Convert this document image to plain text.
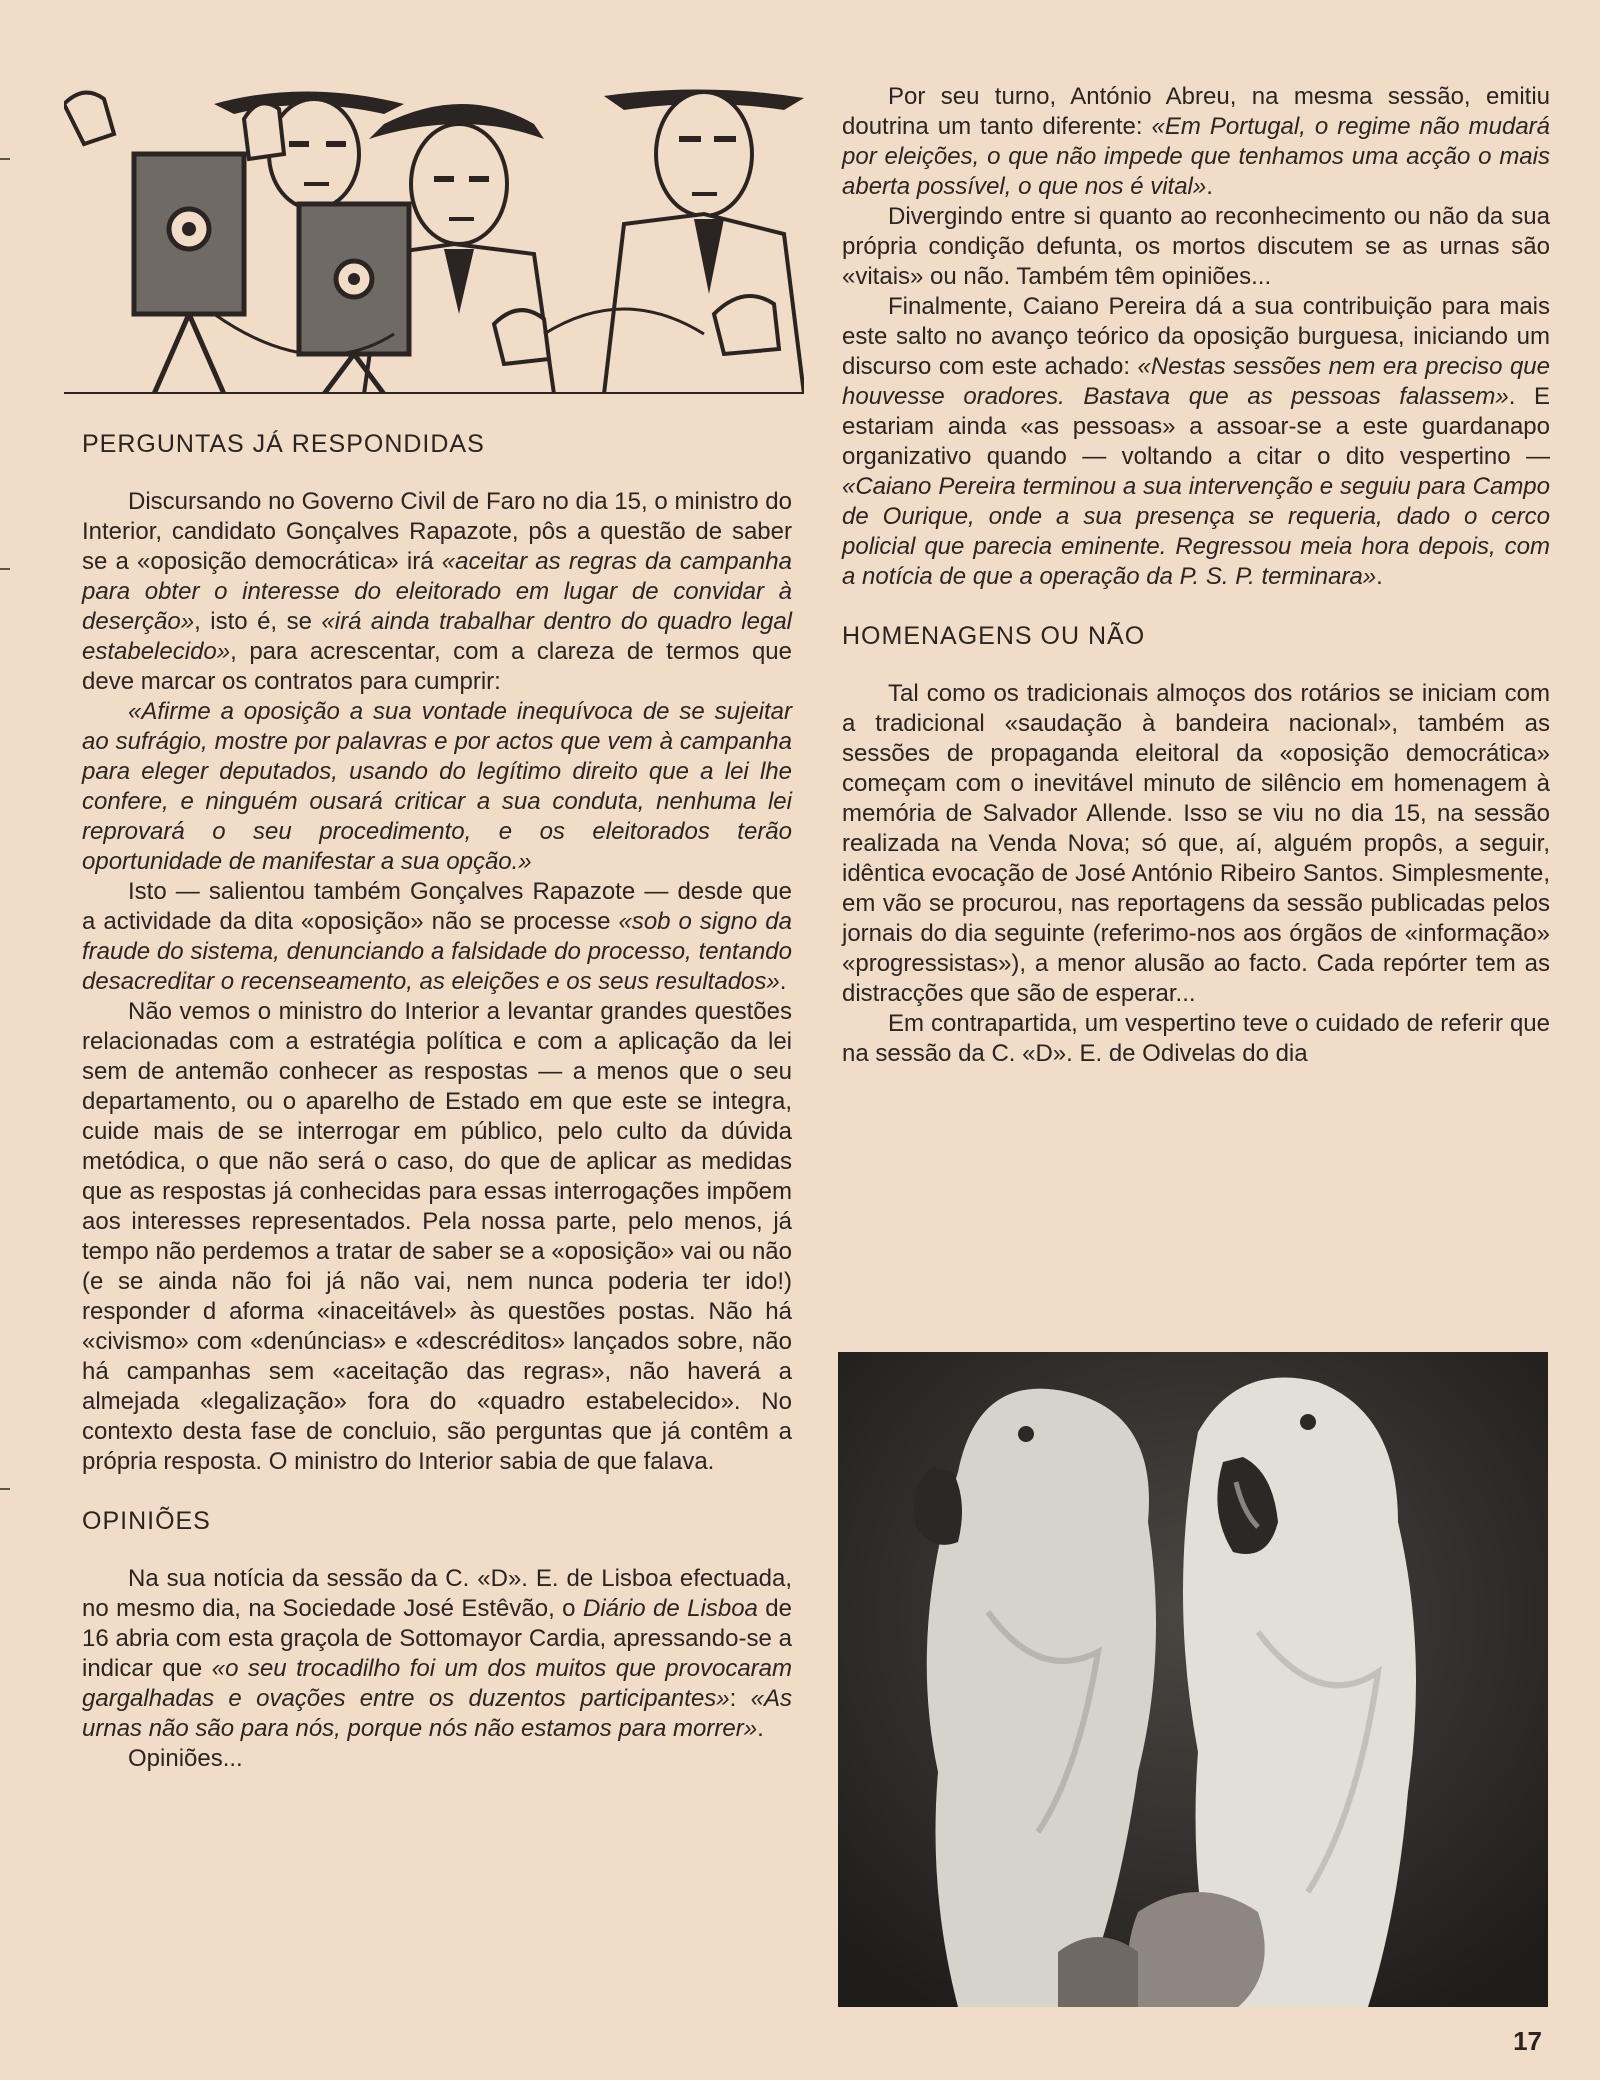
PERGUNTAS JÁ RESPONDIDAS

Discursando no Governo Civil de Faro no dia 15, o ministro do Interior, candidato Gonçalves Rapazote, pôs a questão de saber se a «oposição democrática» irá «aceitar as regras da campanha para obter o interesse do eleitorado em lugar de convidar à deserção», isto é, se «irá ainda trabalhar dentro do quadro legal estabelecido», para acrescentar, com a clareza de termos que deve marcar os contratos para cumprir:

«Afirme a oposição a sua vontade inequívoca de se sujeitar ao sufrágio, mostre por palavras e por actos que vem à campanha para eleger deputados, usando do legítimo direito que a lei lhe confere, e ninguém ousará criticar a sua conduta, nenhuma lei reprovará o seu procedimento, e os eleitorados terão oportunidade de manifestar a sua opção.»

Isto — salientou também Gonçalves Rapazote — desde que a actividade da dita «oposição» não se processe «sob o signo da fraude do sistema, denunciando a falsidade do processo, tentando desacreditar o recenseamento, as eleições e os seus resultados».

Não vemos o ministro do Interior a levantar grandes questões relacionadas com a estratégia política e com a aplicação da lei sem de antemão conhecer as respostas — a menos que o seu departamento, ou o aparelho de Estado em que este se integra, cuide mais de se interrogar em público, pelo culto da dúvida metódica, o que não será o caso, do que de aplicar as medidas que as respostas já conhecidas para essas interrogações impõem aos interesses representados. Pela nossa parte, pelo menos, já tempo não perdemos a tratar de saber se a «oposição» vai ou não (e se ainda não foi já não vai, nem nunca poderia ter ido!) responder d aforma «inaceitável» às questões postas. Não há «civismo» com «denúncias» e «descréditos» lançados sobre, não há campanhas sem «aceitação das regras», não haverá a almejada «legalização» fora do «quadro estabelecido». No contexto desta fase de concluio, são perguntas que já contêm a própria resposta. O ministro do Interior sabia de que falava.

OPINIÕES

Na sua notícia da sessão da C. «D». E. de Lisboa efectuada, no mesmo dia, na Sociedade José Estêvão, o Diário de Lisboa de 16 abria com esta graçola de Sottomayor Cardia, apressando-se a indicar que «o seu trocadilho foi um dos muitos que provocaram gargalhadas e ovações entre os duzentos participantes»: «As urnas não são para nós, porque nós não estamos para morrer».

Opiniões...

Por seu turno, António Abreu, na mesma sessão, emitiu doutrina um tanto diferente: «Em Portugal, o regime não mudará por eleições, o que não impede que tenhamos uma acção o mais aberta possível, o que nos é vital».

Divergindo entre si quanto ao reconhecimento ou não da sua própria condição defunta, os mortos discutem se as urnas são «vitais» ou não. Também têm opiniões...

Finalmente, Caiano Pereira dá a sua contribuição para mais este salto no avanço teórico da oposição burguesa, iniciando um discurso com este achado: «Nestas sessões nem era preciso que houvesse oradores. Bastava que as pessoas falassem». E estariam ainda «as pessoas» a assoar-se a este guardanapo organizativo quando — voltando a citar o dito vespertino — «Caiano Pereira terminou a sua intervenção e seguiu para Campo de Ourique, onde a sua presença se requeria, dado o cerco policial que parecia eminente. Regressou meia hora depois, com a notícia de que a operação da P. S. P. terminara».

HOMENAGENS OU NÃO

Tal como os tradicionais almoços dos rotários se iniciam com a tradicional «saudação à bandeira nacional», também as sessões de propaganda eleitoral da «oposição democrática» começam com o inevitável minuto de silêncio em homenagem à memória de Salvador Allende. Isso se viu no dia 15, na sessão realizada na Venda Nova; só que, aí, alguém propôs, a seguir, idêntica evocação de José António Ribeiro Santos. Simplesmente, em vão se procurou, nas reportagens da sessão publicadas pelos jornais do dia seguinte (referimo-nos aos órgãos de «informação» «progressistas»), a menor alusão ao facto. Cada repórter tem as distracções que são de esperar...

Em contrapartida, um vespertino teve o cuidado de referir que na sessão da C. «D». E. de Odivelas do dia

17
